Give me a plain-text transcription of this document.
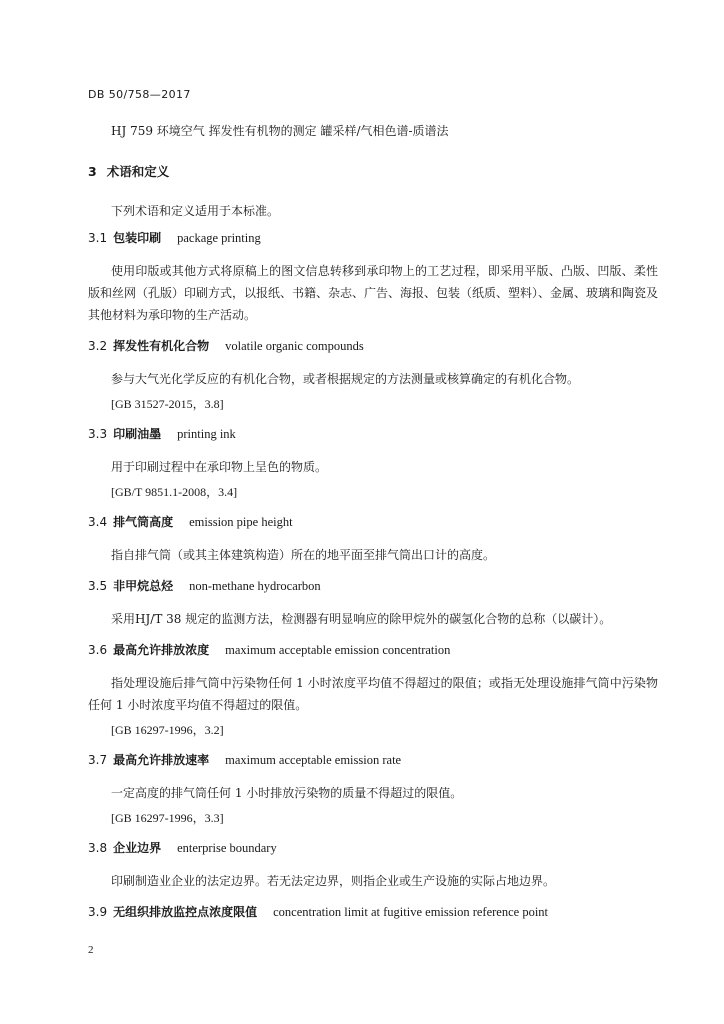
DB 50/758—2017
HJ 759 环境空气 挥发性有机物的测定 罐采样/气相色谱-质谱法
3 术语和定义
下列术语和定义适用于本标准。
3.1 包装印刷 package printing

使用印版或其他方式将原稿上的图文信息转移到承印物上的工艺过程，即采用平版、凸版、凹版、柔性版和丝网（孔版）印刷方式，以报纸、书籍、杂志、广告、海报、包装（纸质、塑料）、金属、玻璃和陶瓷及其他材料为承印物的生产活动。

3.2 挥发性有机化合物 volatile organic compounds

参与大气光化学反应的有机化合物，或者根据规定的方法测量或核算确定的有机化合物。

[GB 31527-2015，3.8]
3.3 印刷油墨 printing ink

用于印刷过程中在承印物上呈色的物质。

[GB/T 9851.1-2008，3.4]
3.4 排气筒高度 emission pipe height

指自排气筒（或其主体建筑构造）所在的地平面至排气筒出口计的高度。

3.5 非甲烷总烃 non-methane hydrocarbon

采用HJ/T 38 规定的监测方法，检测器有明显响应的除甲烷外的碳氢化合物的总称（以碳计）。

3.6 最高允许排放浓度 maximum acceptable emission concentration

指处理设施后排气筒中污染物任何 1 小时浓度平均值不得超过的限值；或指无处理设施排气筒中污染物任何 1 小时浓度平均值不得超过的限值。

[GB 16297-1996，3.2]
3.7 最高允许排放速率 maximum acceptable emission rate

一定高度的排气筒任何 1 小时排放污染物的质量不得超过的限值。

[GB 16297-1996，3.3]
3.8 企业边界 enterprise boundary

印刷制造业企业的法定边界。若无法定边界，则指企业或生产设施的实际占地边界。

3.9 无组织排放监控点浓度限值 concentration limit at fugitive emission reference point
2
